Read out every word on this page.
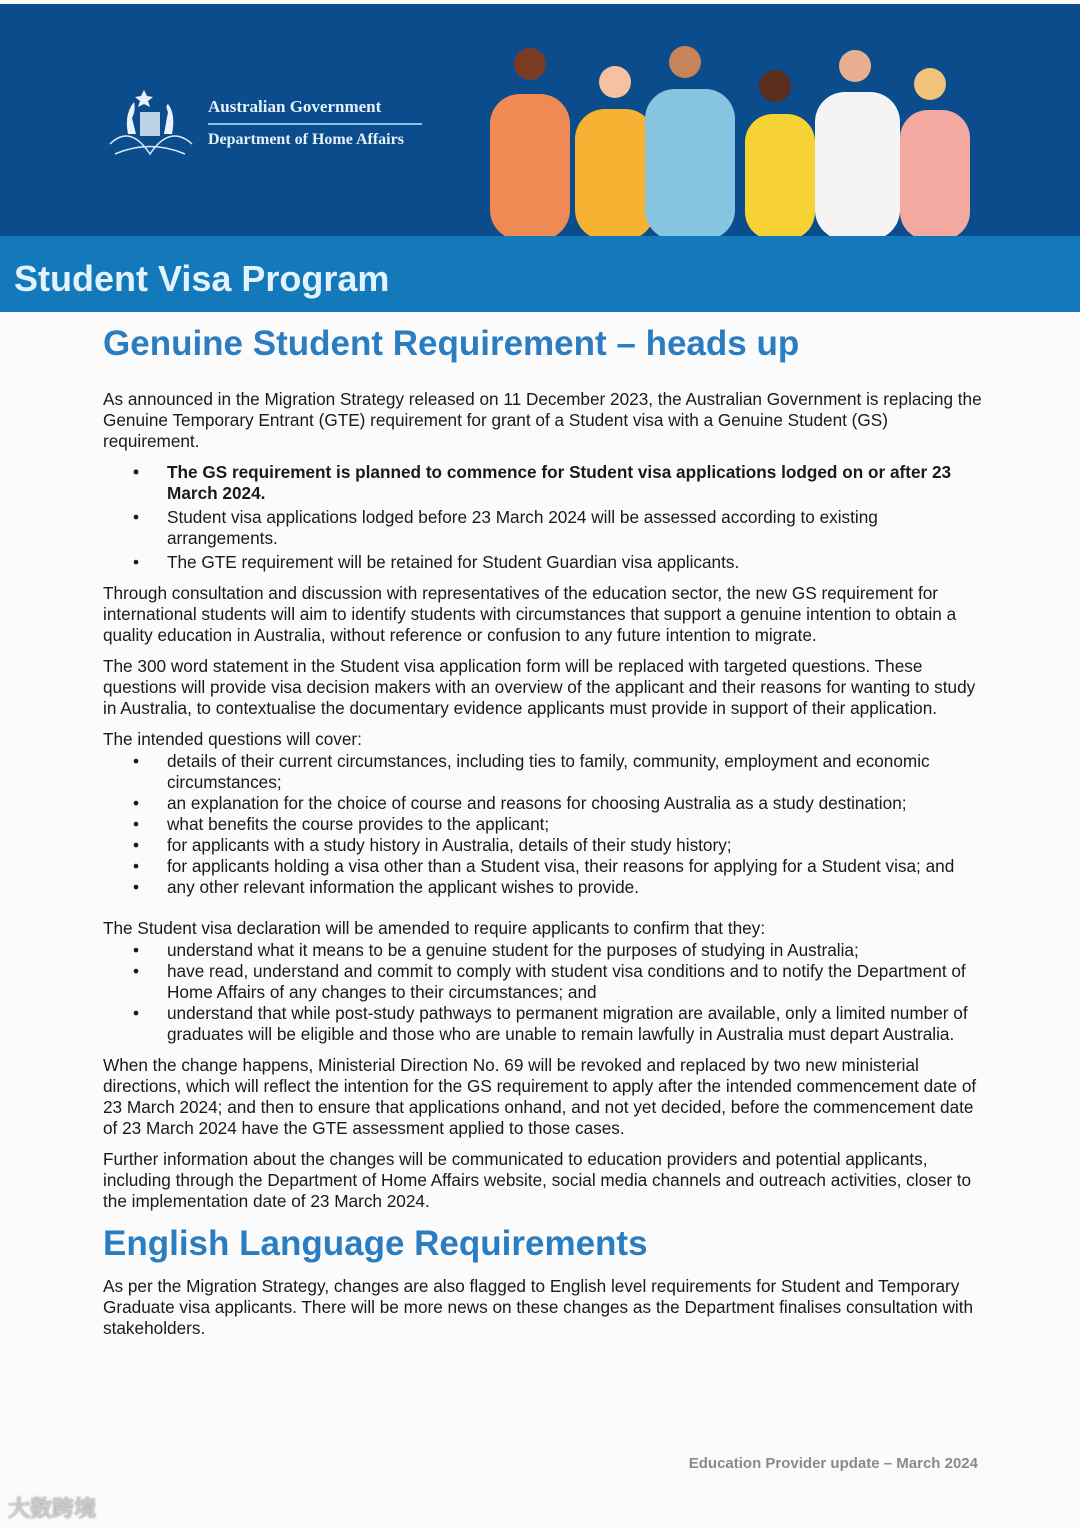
Australian Government
Department of Home Affairs
Student Visa Program
Genuine Student Requirement – heads up

As announced in the Migration Strategy released on 11 December 2023, the Australian Government is replacing the Genuine Temporary Entrant (GTE) requirement for grant of a Student visa with a Genuine Student (GS) requirement.

• The GS requirement is planned to commence for Student visa applications lodged on or after 23 March 2024.
• Student visa applications lodged before 23 March 2024 will be assessed according to existing arrangements.
• The GTE requirement will be retained for Student Guardian visa applicants.

Through consultation and discussion with representatives of the education sector, the new GS requirement for international students will aim to identify students with circumstances that support a genuine intention to obtain a quality education in Australia, without reference or confusion to any future intention to migrate.

The 300 word statement in the Student visa application form will be replaced with targeted questions. These questions will provide visa decision makers with an overview of the applicant and their reasons for wanting to study in Australia, to contextualise the documentary evidence applicants must provide in support of their application.

The intended questions will cover:

• details of their current circumstances, including ties to family, community, employment and economic circumstances;
• an explanation for the choice of course and reasons for choosing Australia as a study destination;
• what benefits the course provides to the applicant;
• for applicants with a study history in Australia, details of their study history;
• for applicants holding a visa other than a Student visa, their reasons for applying for a Student visa; and
• any other relevant information the applicant wishes to provide.

The Student visa declaration will be amended to require applicants to confirm that they:

• understand what it means to be a genuine student for the purposes of studying in Australia;
• have read, understand and commit to comply with student visa conditions and to notify the Department of Home Affairs of any changes to their circumstances; and
• understand that while post-study pathways to permanent migration are available, only a limited number of graduates will be eligible and those who are unable to remain lawfully in Australia must depart Australia.

When the change happens, Ministerial Direction No. 69 will be revoked and replaced by two new ministerial directions, which will reflect the intention for the GS requirement to apply after the intended commencement date of 23 March 2024; and then to ensure that applications onhand, and not yet decided, before the commencement date of 23 March 2024 have the GTE assessment applied to those cases.

Further information about the changes will be communicated to education providers and potential applicants, including through the Department of Home Affairs website, social media channels and outreach activities, closer to the implementation date of 23 March 2024.

English Language Requirements

As per the Migration Strategy, changes are also flagged to English level requirements for Student and Temporary Graduate visa applicants. There will be more news on these changes as the Department finalises consultation with stakeholders.

Education Provider update – March 2024
大数跨境
